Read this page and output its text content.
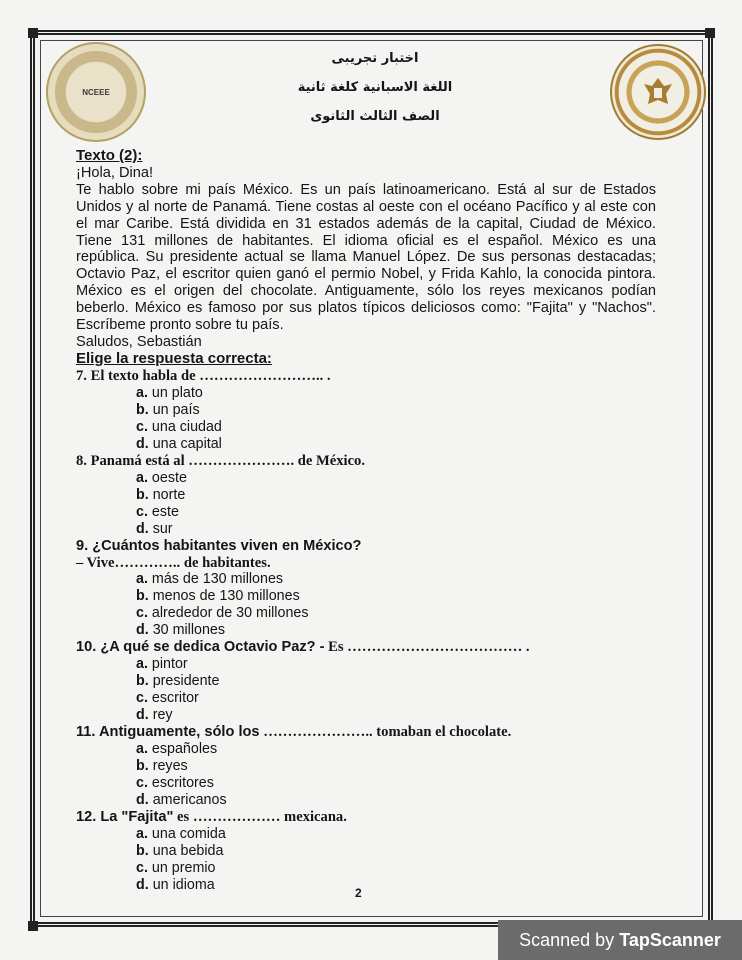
NCEEE
اختبار تجريبى
اللغة الاسبانية كلغة ثانية
الصف الثالث الثانوى

Texto (2):

¡Hola, Dina!

Te hablo sobre mi país México. Es un país latinoamericano. Está al sur de Estados Unidos y al norte de Panamá. Tiene costas al oeste con el océano Pacífico y al este con el mar Caribe. Está dividida en 31 estados además de la capital, Ciudad de México. Tiene 131 millones de habitantes. El idioma oficial es el español. México es una república. Su presidente actual se llama Manuel López. De sus personas destacadas; Octavio Paz, el escritor quien ganó el permio Nobel, y Frida Kahlo, la conocida pintora. México es el origen del chocolate. Antiguamente, sólo los reyes mexicanos podían beberlo. México es famoso por sus platos típicos deliciosos como: "Fajita" y "Nachos". Escríbeme pronto sobre tu país.

Saludos, Sebastián

Elige la respuesta correcta:

7. El texto habla de …………………….. .

a. un plato
b. un país
c. una ciudad
d. una capital

8. Panamá está al …………………. de México.

a. oeste
b. norte
c. este
d. sur

9. ¿Cuántos habitantes viven en México?

– Vive………….. de habitantes.

a. más de 130 millones
b. menos de 130 millones
c. alrededor de 30 millones
d. 30 millones

10. ¿A qué se dedica Octavio Paz? - Es ……………………………… .

a. pintor
b. presidente
c. escritor
d. rey

11. Antiguamente, sólo los ………………….. tomaban el chocolate.

a. españoles
b. reyes
c. escritores
d. americanos

12. La "Fajita" es ……………… mexicana.

a. una comida
b. una bebida
c. un premio
d. un idioma	2
Scanned by TapScanner
